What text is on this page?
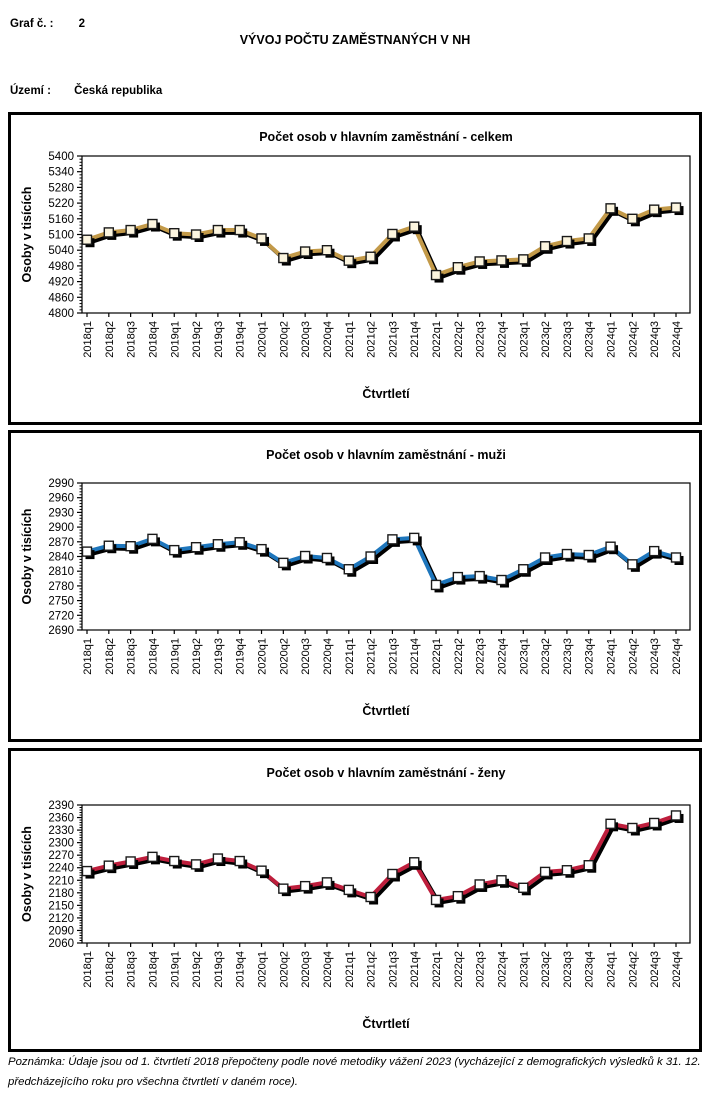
Graf č. : 2
VÝVOJ POČTU ZAMĚSTNANÝCH V NH
Území : Česká republika
Počet osob v hlavním zaměstnání - celkem
5400
5340
5280
5220
5160
5100
5040
4980
4920
4860
4800
2018q1 2018q2 2018q3 2018q4 2019q1 2019q2 2019q3 2019q4 2020q1 2020q2 2020q3 2020q4 2021q1 2021q2 2021q3 2021q4 2022q1 2022q2 2022q3 2022q4 2023q1 2023q2 2023q3 2023q4 2024q1 2024q2 2024q3 2024q4
Osoby v tisících
Čtvrtletí
Počet osob v hlavním zaměstnání - muži
2990
2960
2930
2900
2870
2840
2810
2780
2750
2720
2690
2018q1 2018q2 2018q3 2018q4 2019q1 2019q2 2019q3 2019q4 2020q1 2020q2 2020q3 2020q4 2021q1 2021q2 2021q3 2021q4 2022q1 2022q2 2022q3 2022q4 2023q1 2023q2 2023q3 2023q4 2024q1 2024q2 2024q3 2024q4
Osoby v tisících
Čtvrtletí
Počet osob v hlavním zaměstnání - ženy
2390
2360
2330
2300
2270
2240
2210
2180
2150
2120
2090
2060
2018q1 2018q2 2018q3 2018q4 2019q1 2019q2 2019q3 2019q4 2020q1 2020q2 2020q3 2020q4 2021q1 2021q2 2021q3 2021q4 2022q1 2022q2 2022q3 2022q4 2023q1 2023q2 2023q3 2023q4 2024q1 2024q2 2024q3 2024q4
Osoby v tisících
Čtvrtletí
Poznámka: Údaje jsou od 1. čtvrtletí 2018 přepočteny podle nové metodiky vážení 2023 (vycházející z demografických výsledků k 31. 12.
předcházejícího roku pro všechna čtvrtletí v daném roce).
